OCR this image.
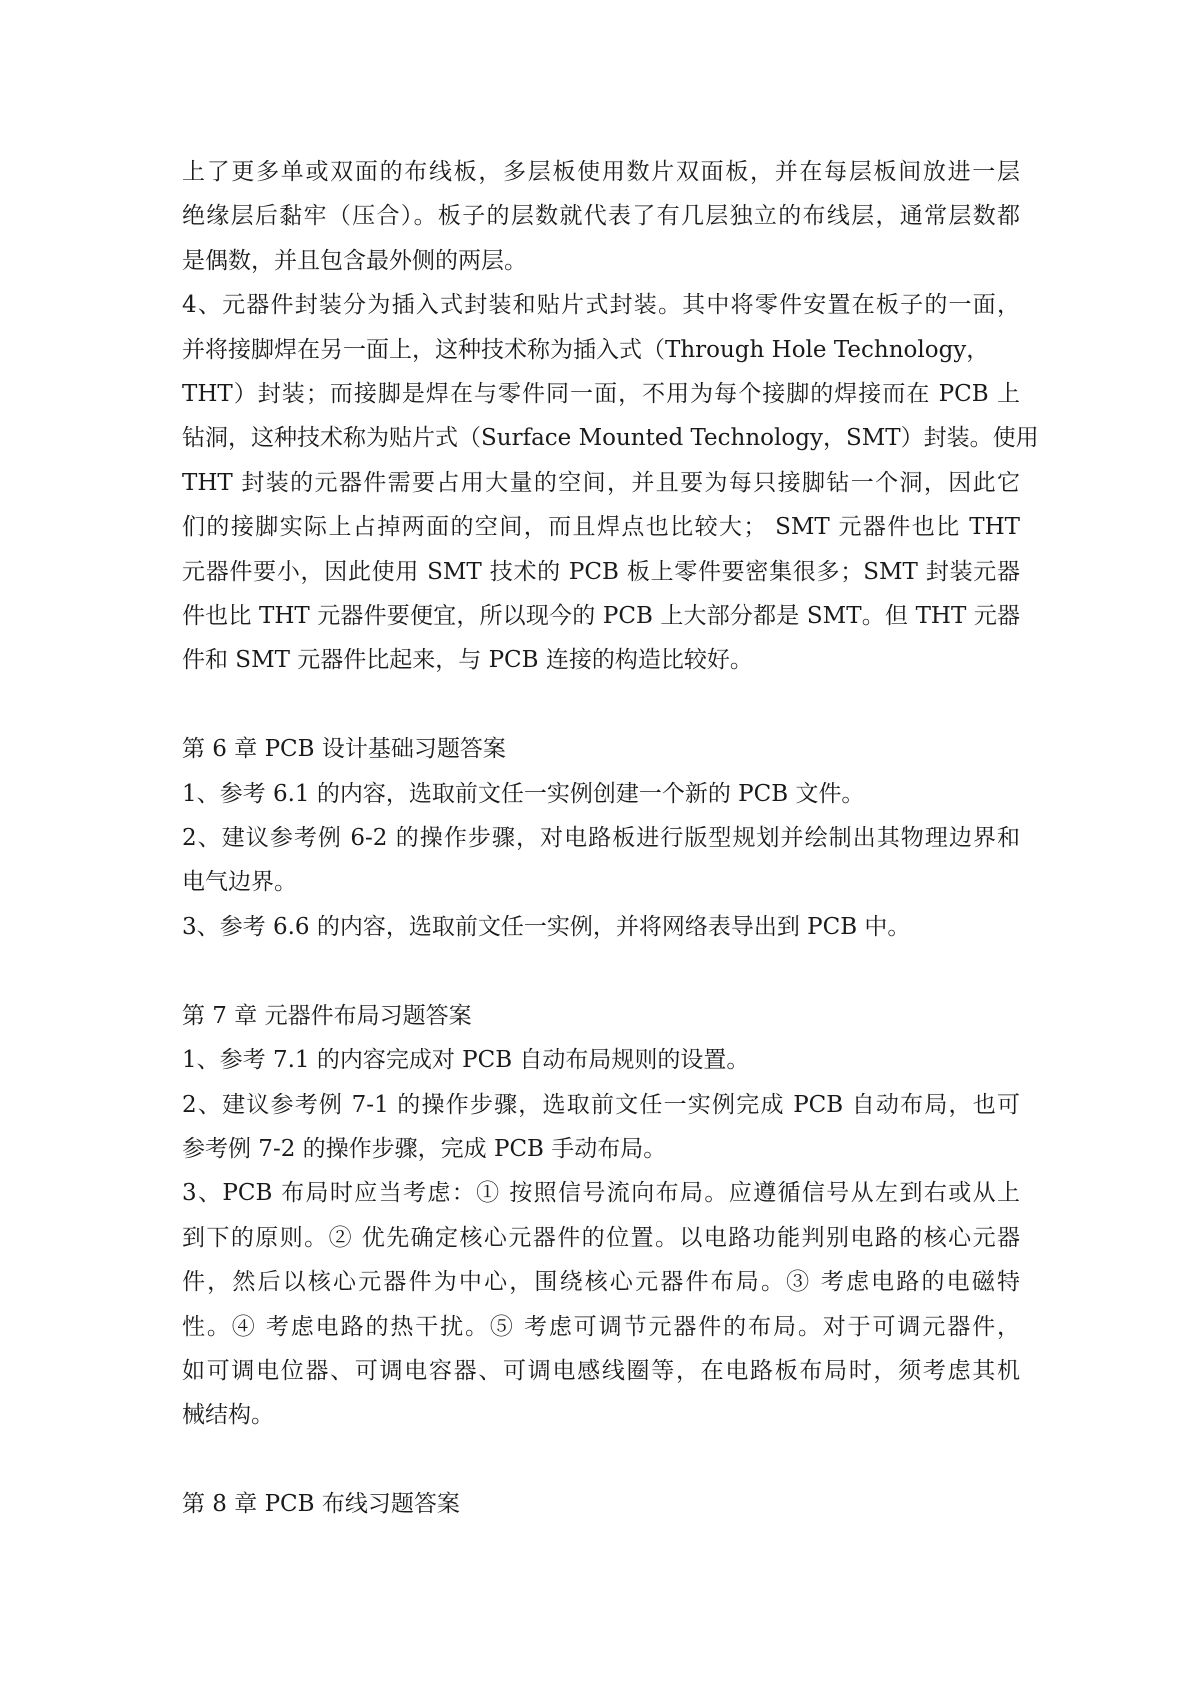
上了更多单或双面的布线板，多层板使用数片双面板，并在每层板间放进一层
绝缘层后黏牢（压合）。板子的层数就代表了有几层独立的布线层，通常层数都
是偶数，并且包含最外侧的两层。

4、元器件封装分为插入式封装和贴片式封装。其中将零件安置在板子的一面，
并将接脚焊在另一面上，这种技术称为插入式（Through Hole Technology，
THT）封装；而接脚是焊在与零件同一面，不用为每个接脚的焊接而在 PCB 上
钻洞，这种技术称为贴片式（Surface Mounted Technology，SMT）封装。使用
THT 封装的元器件需要占用大量的空间，并且要为每只接脚钻一个洞，因此它
们的接脚实际上占掉两面的空间，而且焊点也比较大； SMT 元器件也比 THT
元器件要小，因此使用 SMT 技术的 PCB 板上零件要密集很多；SMT 封装元器
件也比 THT 元器件要便宜，所以现今的 PCB 上大部分都是 SMT。但 THT 元器
件和 SMT 元器件比起来，与 PCB 连接的构造比较好。

第 6 章 PCB 设计基础习题答案

1、参考 6.1 的内容，选取前文任一实例创建一个新的 PCB 文件。

2、建议参考例 6-2 的操作步骤，对电路板进行版型规划并绘制出其物理边界和
电气边界。

3、参考 6.6 的内容，选取前文任一实例，并将网络表导出到 PCB 中。

第 7 章 元器件布局习题答案

1、参考 7.1 的内容完成对 PCB 自动布局规则的设置。

2、建议参考例 7-1 的操作步骤，选取前文任一实例完成 PCB 自动布局，也可
参考例 7-2 的操作步骤，完成 PCB 手动布局。

3、PCB 布局时应当考虑：① 按照信号流向布局。应遵循信号从左到右或从上
到下的原则。② 优先确定核心元器件的位置。以电路功能判别电路的核心元器
件，然后以核心元器件为中心，围绕核心元器件布局。③ 考虑电路的电磁特
性。④ 考虑电路的热干扰。⑤ 考虑可调节元器件的布局。对于可调元器件，
如可调电位器、可调电容器、可调电感线圈等，在电路板布局时，须考虑其机
械结构。

第 8 章 PCB 布线习题答案
